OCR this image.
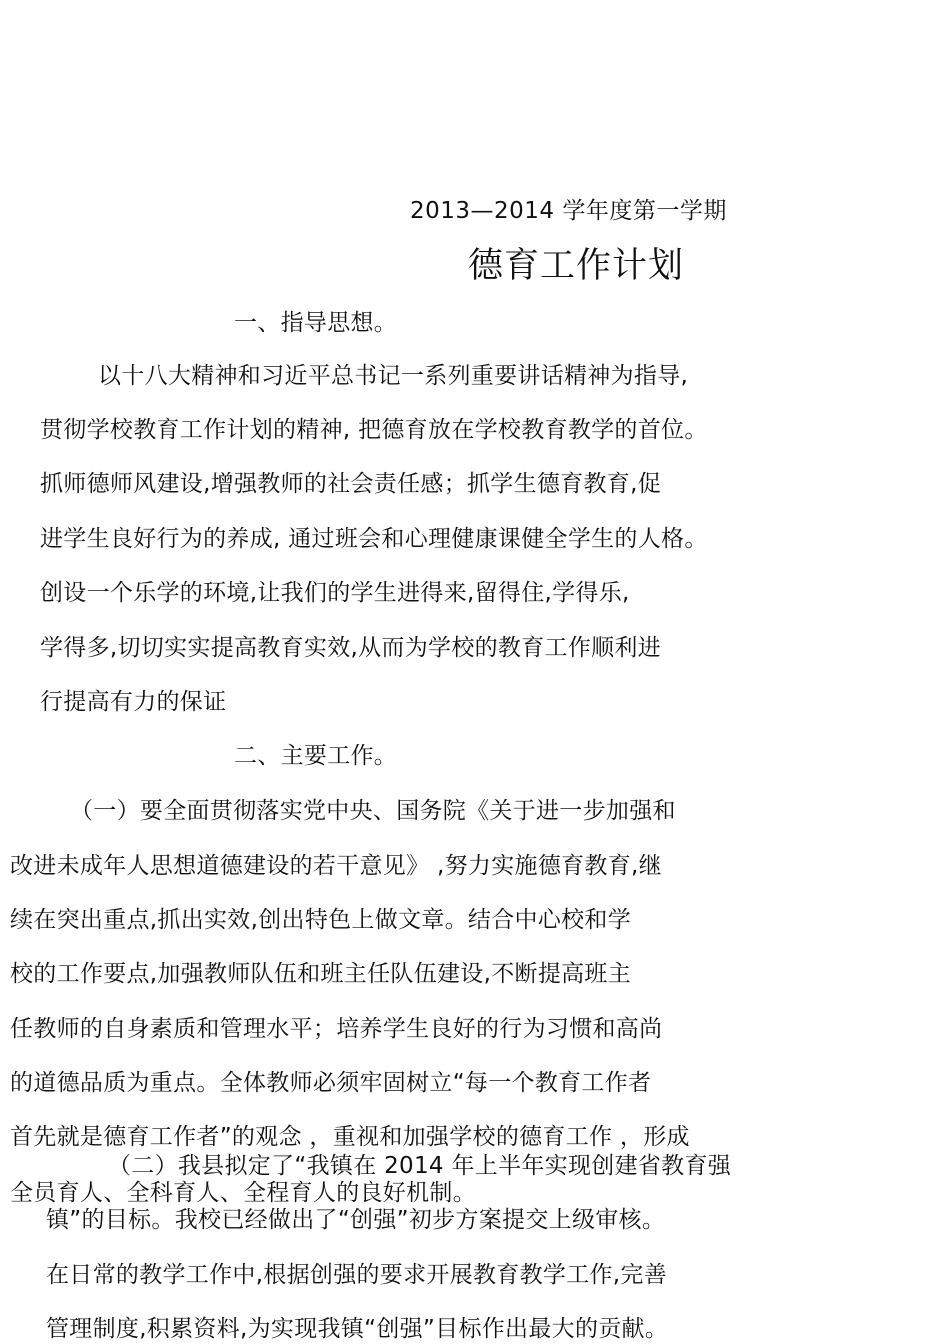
2013—2014 学年度第一学期
德育工作计划
一、指导思想。
以十八大精神和习近平总书记一系列重要讲话精神为指导,
贯彻学校教育工作计划的精神, 把德育放在学校教育教学的首位。
抓师德师风建设,增强教师的社会责任感；抓学生德育教育,促
进学生良好行为的养成, 通过班会和心理健康课健全学生的人格。
创设一个乐学的环境,让我们的学生进得来,留得住,学得乐,
学得多,切切实实提高教育实效,从而为学校的教育工作顺利进
行提高有力的保证
二、主要工作。
（一）要全面贯彻落实党中央、国务院《关于进一步加强和
改进未成年人思想道德建设的若干意见》 ,努力实施德育教育,继
续在突出重点,抓出实效,创出特色上做文章。结合中心校和学
校的工作要点,加强教师队伍和班主任队伍建设,不断提高班主
任教师的自身素质和管理水平；培养学生良好的行为习惯和高尚
的道德品质为重点。全体教师必须牢固树立“每一个教育工作者
首先就是德育工作者”的观念 ，重视和加强学校的德育工作 ，形成
全员育人、全科育人、全程育人的良好机制。
（二）我县拟定了“我镇在 2014 年上半年实现创建省教育强
镇”的目标。我校已经做出了“创强”初步方案提交上级审核。
在日常的教学工作中,根据创强的要求开展教育教学工作,完善
管理制度,积累资料,为实现我镇“创强”目标作出最大的贡献。
